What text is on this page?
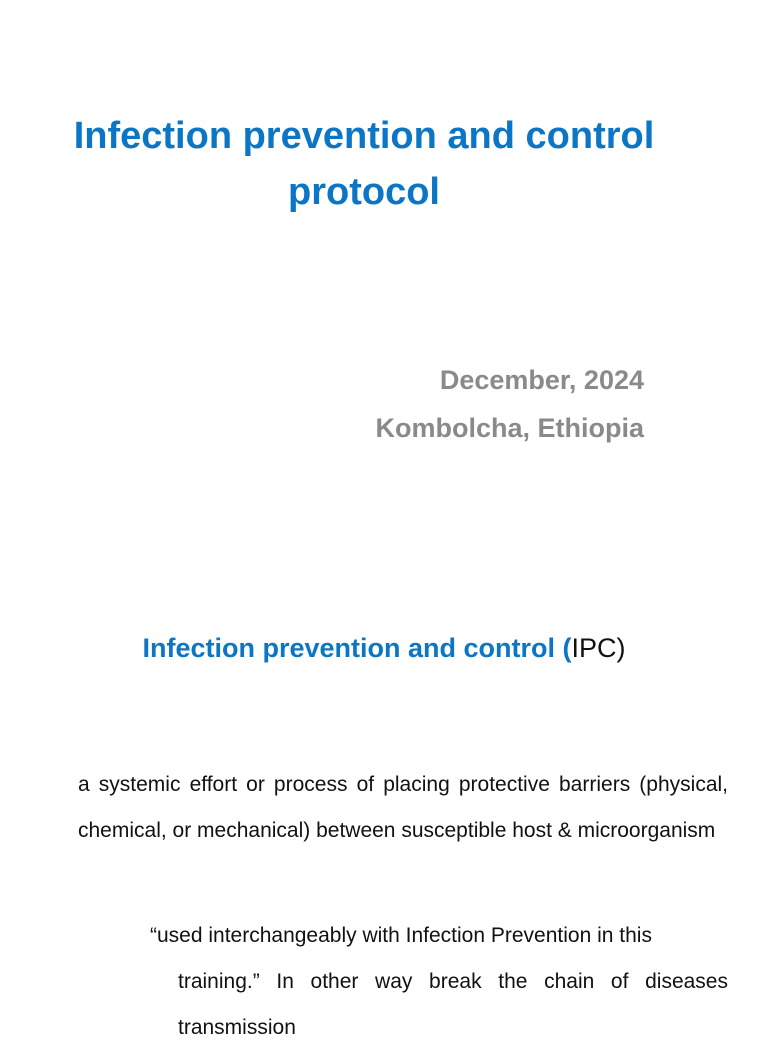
Infection prevention and control
protocol
December, 2024
Kombolcha, Ethiopia
Infection prevention and control (IPC)

a systemic effort or process of placing protective barriers (physical, chemical, or mechanical) between susceptible host & microorganism

“used interchangeably with Infection Prevention in this
training.” In other way break the chain of diseases transmission
